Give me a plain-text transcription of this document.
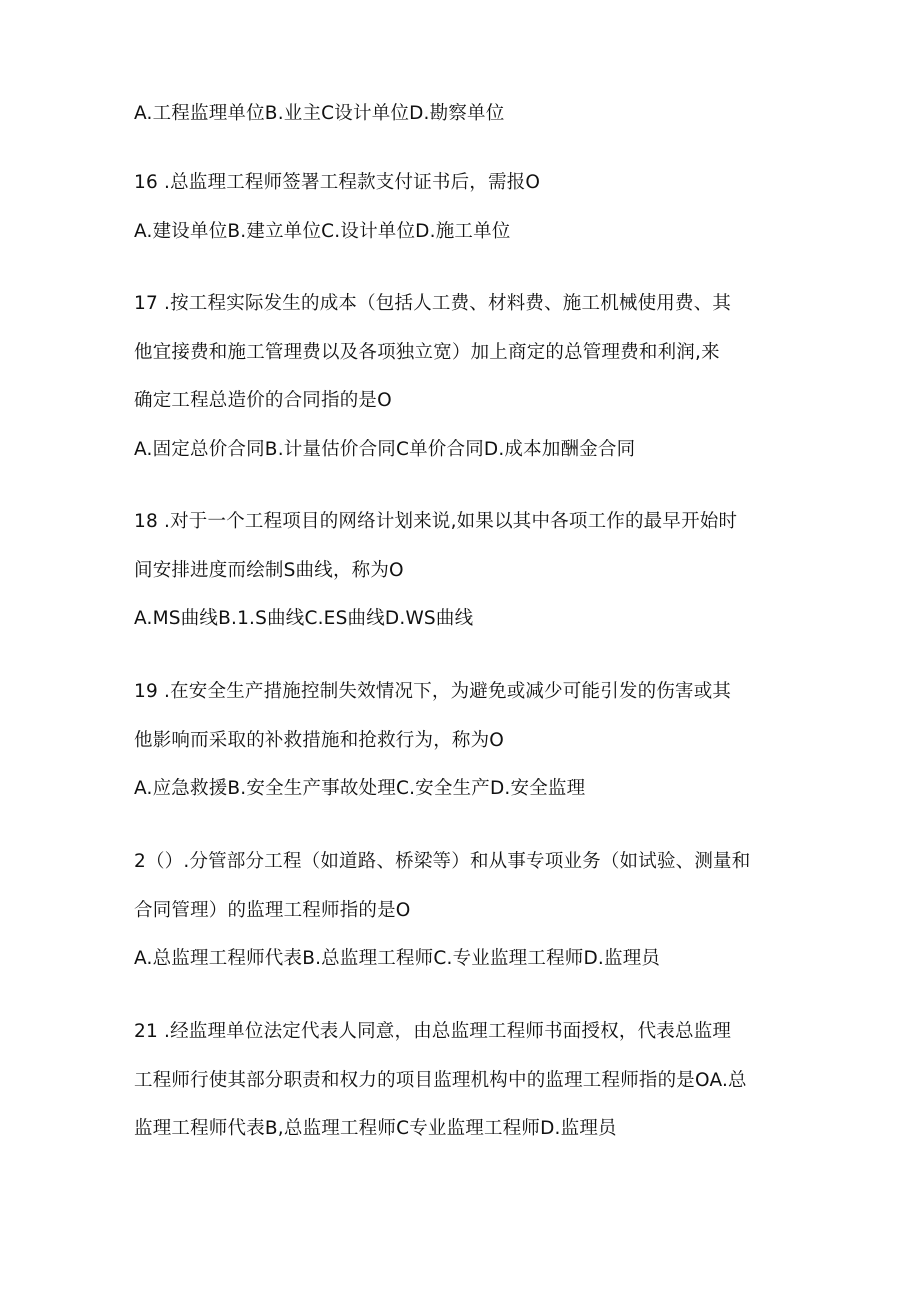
A.工程监理单位B.业主C设计单位D.勘察单位
16 .总监理工程师签署工程款支付证书后，需报O
A.建设单位B.建立单位C.设计单位D.施工单位
17 .按工程实际发生的成本（包括人工费、材料费、施工机械使用费、其
他宜接费和施工管理费以及各项独立宽）加上商定的总管理费和利润,来
确定工程总造价的合同指的是O
A.固定总价合同B.计量估价合同C单价合同D.成本加酬金合同
18 .对于一个工程项目的网络计划来说,如果以其中各项工作的最早开始时
间安排进度而绘制S曲线，称为O
A.MS曲线B.1.S曲线C.ES曲线D.WS曲线
19 .在安全生产措施控制失效情况下，为避免或减少可能引发的伤害或其
他影响而采取的补救措施和抢救行为，称为O
A.应急救援B.安全生产事故处理C.安全生产D.安全监理
2（）.分管部分工程（如道路、桥梁等）和从事专项业务（如试验、测量和
合同管理）的监理工程师指的是O
A.总监理工程师代表B.总监理工程师C.专业监理工程师D.监理员
21 .经监理单位法定代表人同意，由总监理工程师书面授权，代表总监理
工程师行使其部分职责和权力的项目监理机构中的监理工程师指的是OA.总
监理工程师代表B,总监理工程师C专业监理工程师D.监理员
